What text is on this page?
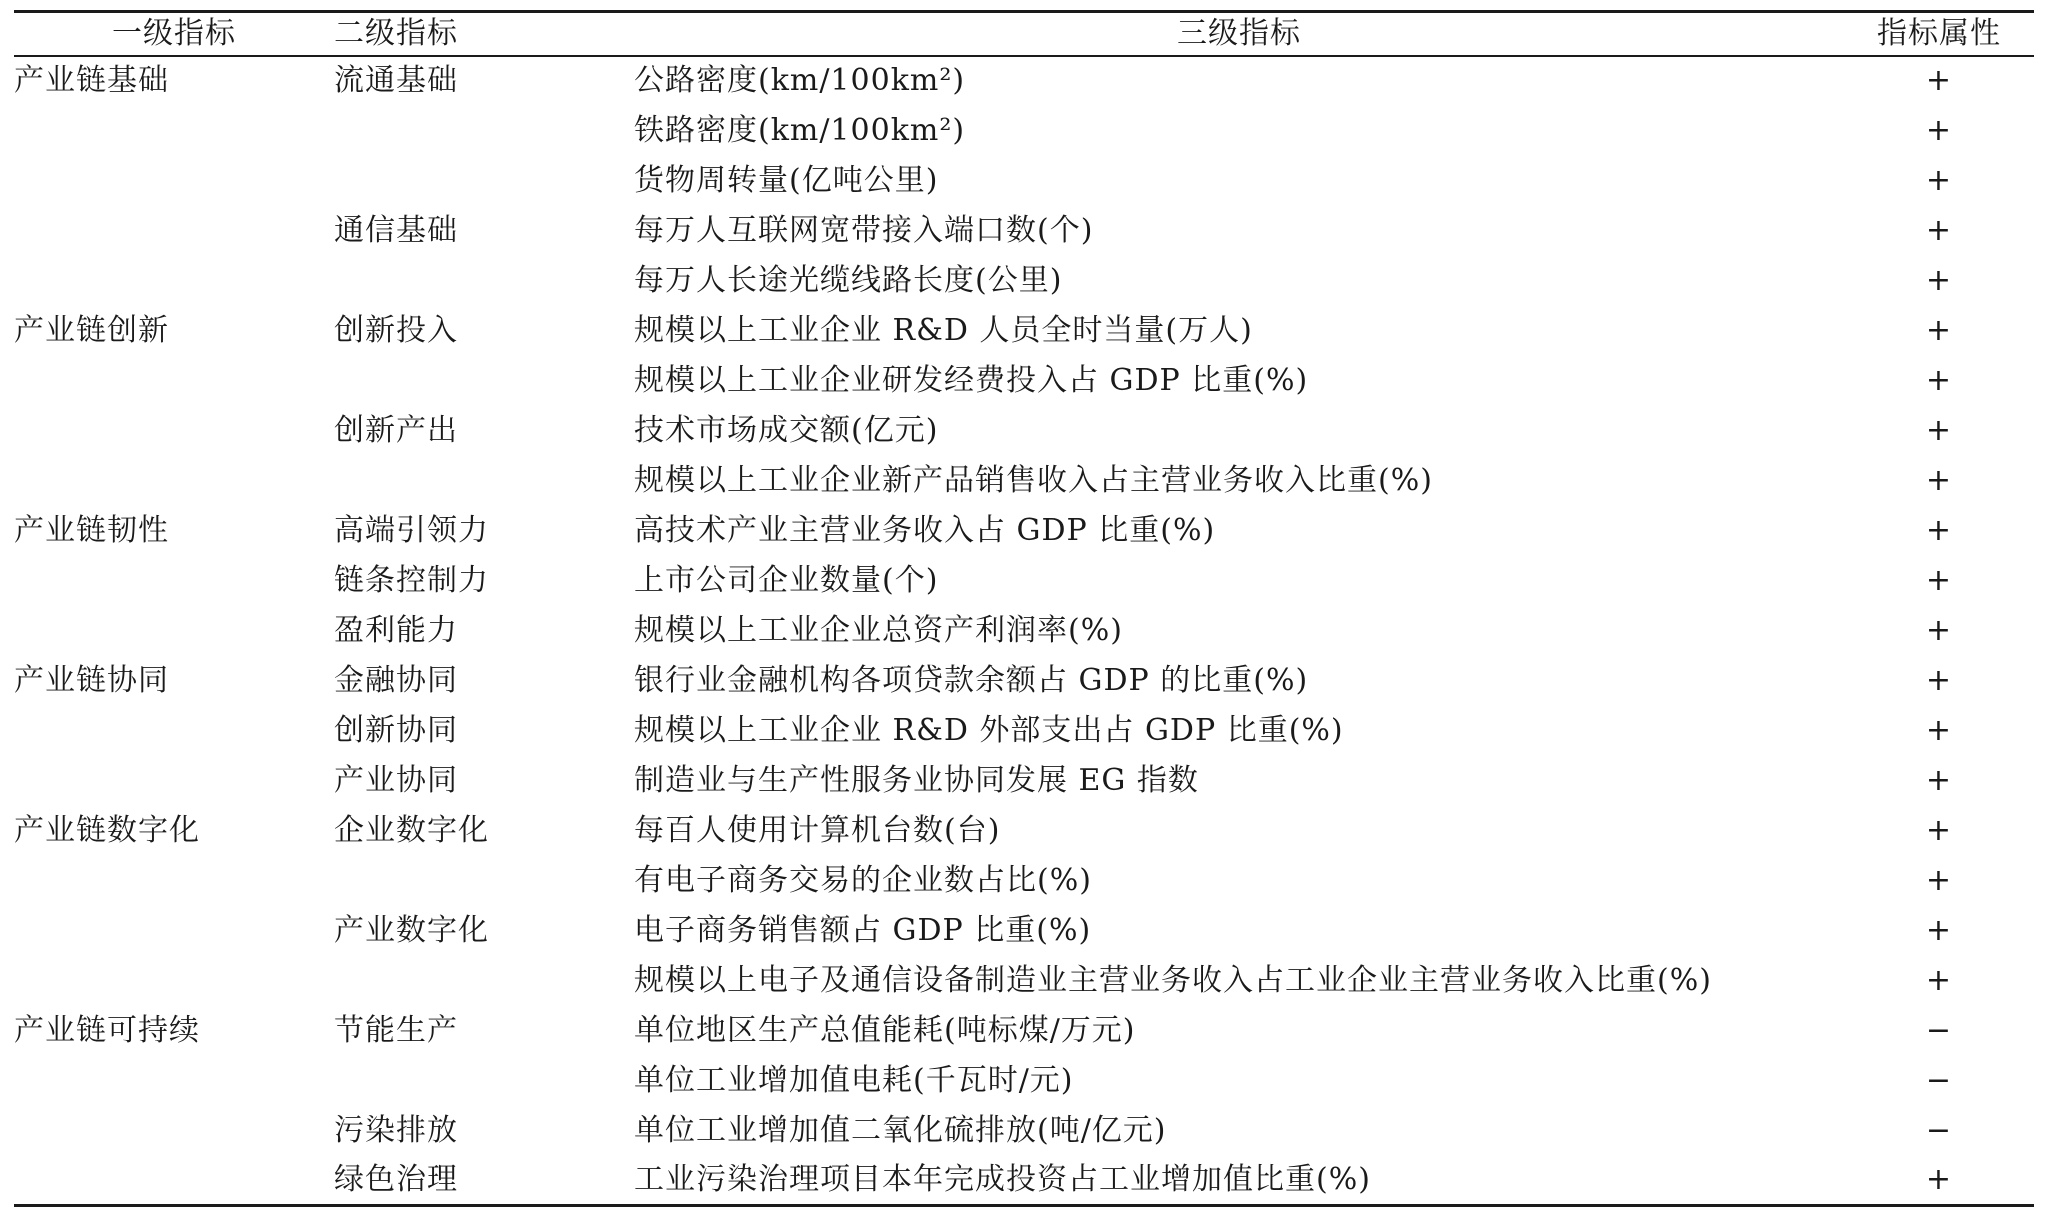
一级指标	二级指标	三级指标	指标属性
产业链基础	流通基础	公路密度(km/100km²)	+
		铁路密度(km/100km²)	+
		货物周转量(亿吨公里)	+
	通信基础	每万人互联网宽带接入端口数(个)	+
		每万人长途光缆线路长度(公里)	+
产业链创新	创新投入	规模以上工业企业 R&D 人员全时当量(万人)	+
		规模以上工业企业研发经费投入占 GDP 比重(%)	+
	创新产出	技术市场成交额(亿元)	+
		规模以上工业企业新产品销售收入占主营业务收入比重(%)	+
产业链韧性	高端引领力	高技术产业主营业务收入占 GDP 比重(%)	+
	链条控制力	上市公司企业数量(个)	+
	盈利能力	规模以上工业企业总资产利润率(%)	+
产业链协同	金融协同	银行业金融机构各项贷款余额占 GDP 的比重(%)	+
	创新协同	规模以上工业企业 R&D 外部支出占 GDP 比重(%)	+
	产业协同	制造业与生产性服务业协同发展 EG 指数	+
产业链数字化	企业数字化	每百人使用计算机台数(台)	+
		有电子商务交易的企业数占比(%)	+
	产业数字化	电子商务销售额占 GDP 比重(%)	+
		规模以上电子及通信设备制造业主营业务收入占工业企业主营业务收入比重(%)	+
产业链可持续	节能生产	单位地区生产总值能耗(吨标煤/万元)	−
		单位工业增加值电耗(千瓦时/元)	−
	污染排放	单位工业增加值二氧化硫排放(吨/亿元)	−
	绿色治理	工业污染治理项目本年完成投资占工业增加值比重(%)	+
